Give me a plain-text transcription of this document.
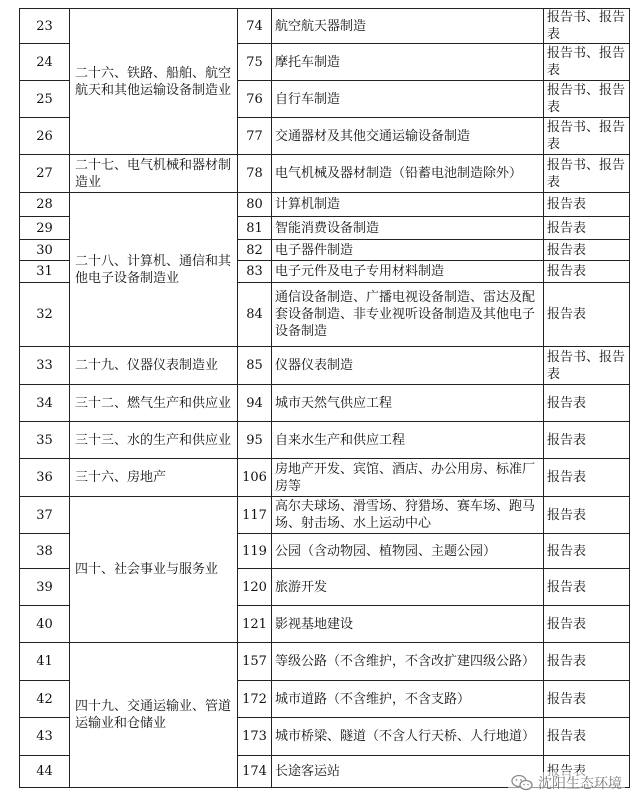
23	二十六、铁路、船舶、航空航天和其他运输设备制造业	74	航空航天器制造	报告书、报告表
24		75	摩托车制造	报告书、报告表
25		76	自行车制造	报告书、报告表
26		77	交通器材及其他交通运输设备制造	报告书、报告表
27	二十七、电气机械和器材制造业	78	电气机械及器材制造（铅蓄电池制造除外）	报告书、报告表
28	二十八、计算机、通信和其他电子设备制造业	80	计算机制造	报告表
29		81	智能消费设备制造	报告表
30		82	电子器件制造	报告表
31		83	电子元件及电子专用材料制造	报告表
32		84	通信设备制造、广播电视设备制造、雷达及配套设备制造、非专业视听设备制造及其他电子设备制造	报告表
33	二十九、仪器仪表制造业	85	仪器仪表制造	报告书、报告表
34	三十二、燃气生产和供应业	94	城市天然气供应工程	报告表
35	三十三、水的生产和供应业	95	自来水生产和供应工程	报告表
36	三十六、房地产	106	房地产开发、宾馆、酒店、办公用房、标准厂房等	报告表
37	四十、社会事业与服务业	117	高尔夫球场、滑雪场、狩猎场、赛车场、跑马场、射击场、水上运动中心	报告表
38		119	公园（含动物园、植物园、主题公园）	报告表
39		120	旅游开发	报告表
40		121	影视基地建设	报告表
41	四十九、交通运输业、管道运输业和仓储业	157	等级公路（不含维护，不含改扩建四级公路）	报告表
42		172	城市道路（不含维护，不含支路）	报告表
43		173	城市桥梁、隧道（不含人行天桥、人行地道）	报告表
44		174	长途客运站	
沈阳生态环境
